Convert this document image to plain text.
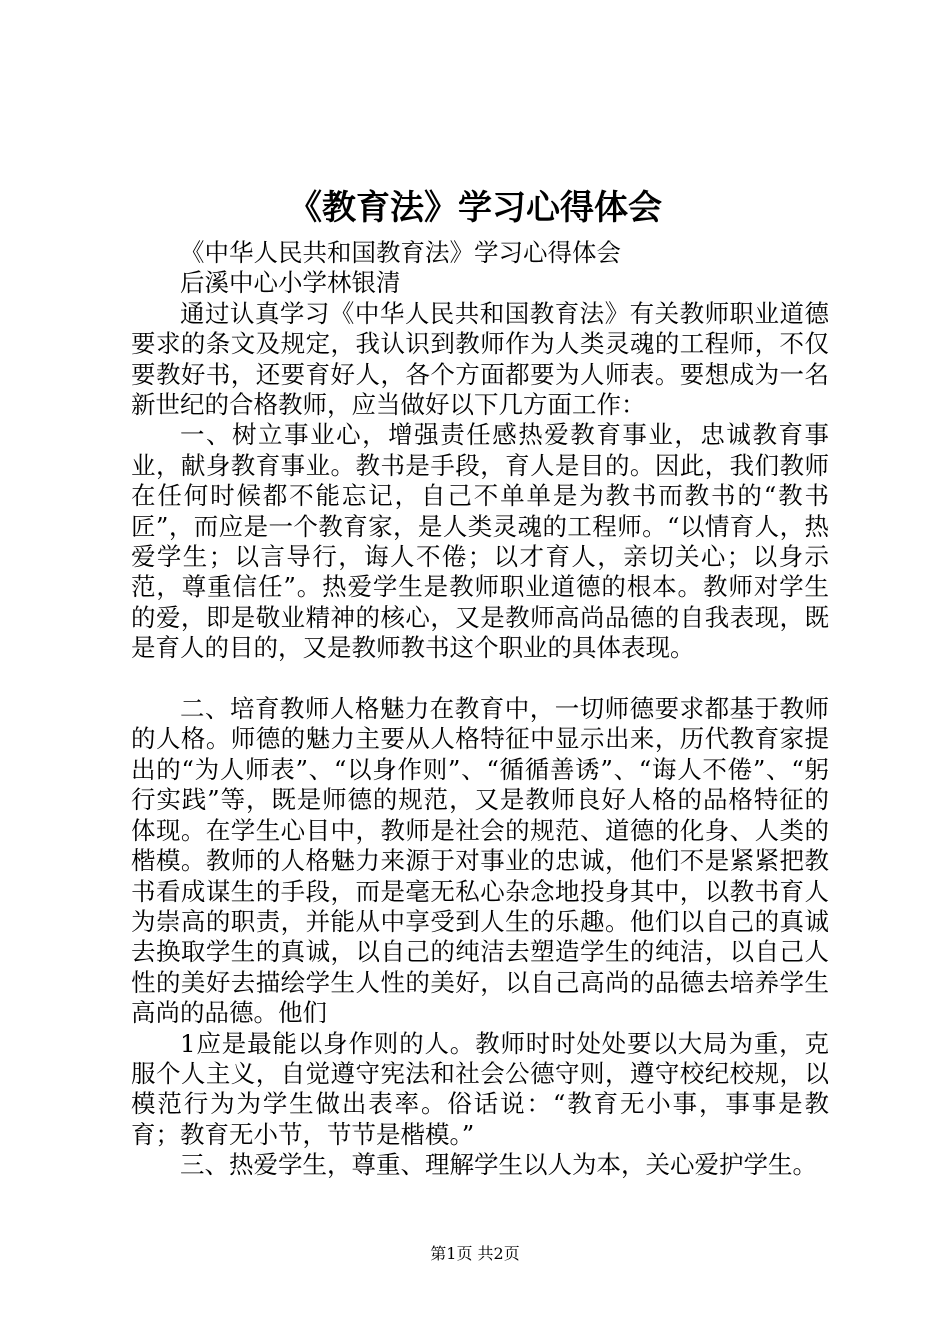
《教育法》学习心得体会

《中华人民共和国教育法》学习心得体会

后溪中心小学林银清

通过认真学习《中华人民共和国教育法》有关教师职业道德要求的条文及规定，我认识到教师作为人类灵魂的工程师，不仅要教好书，还要育好人，各个方面都要为人师表。要想成为一名新世纪的合格教师，应当做好以下几方面工作：

一、树立事业心，增强责任感热爱教育事业，忠诚教育事业，献身教育事业。教书是手段，育人是目的。因此，我们教师在任何时候都不能忘记，自己不单单是为教书而教书的“教书匠”，而应是一个教育家，是人类灵魂的工程师。“以情育人，热爱学生；以言导行，诲人不倦；以才育人，亲切关心；以身示范，尊重信任”。热爱学生是教师职业道德的根本。教师对学生的爱，即是敬业精神的核心，又是教师高尚品德的自我表现，既是育人的目的，又是教师教书这个职业的具体表现。

二、培育教师人格魅力在教育中，一切师德要求都基于教师的人格。师德的魅力主要从人格特征中显示出来，历代教育家提出的“为人师表”、“以身作则”、“循循善诱”、“诲人不倦”、“躬行实践”等，既是师德的规范，又是教师良好人格的品格特征的体现。在学生心目中，教师是社会的规范、道德的化身、人类的楷模。教师的人格魅力来源于对事业的忠诚，他们不是紧紧把教书看成谋生的手段，而是毫无私心杂念地投身其中，以教书育人为崇高的职责，并能从中享受到人生的乐趣。他们以自己的真诚去换取学生的真诚，以自己的纯洁去塑造学生的纯洁，以自己人性的美好去描绘学生人性的美好，以自己高尚的品德去培养学生高尚的品德。他们

1应是最能以身作则的人。教师时时处处要以大局为重，克服个人主义，自觉遵守宪法和社会公德守则，遵守校纪校规，以模范行为为学生做出表率。俗话说：“教育无小事，事事是教育；教育无小节，节节是楷模。”

三、热爱学生，尊重、理解学生以人为本，关心爱护学生。

第1页 共2页
